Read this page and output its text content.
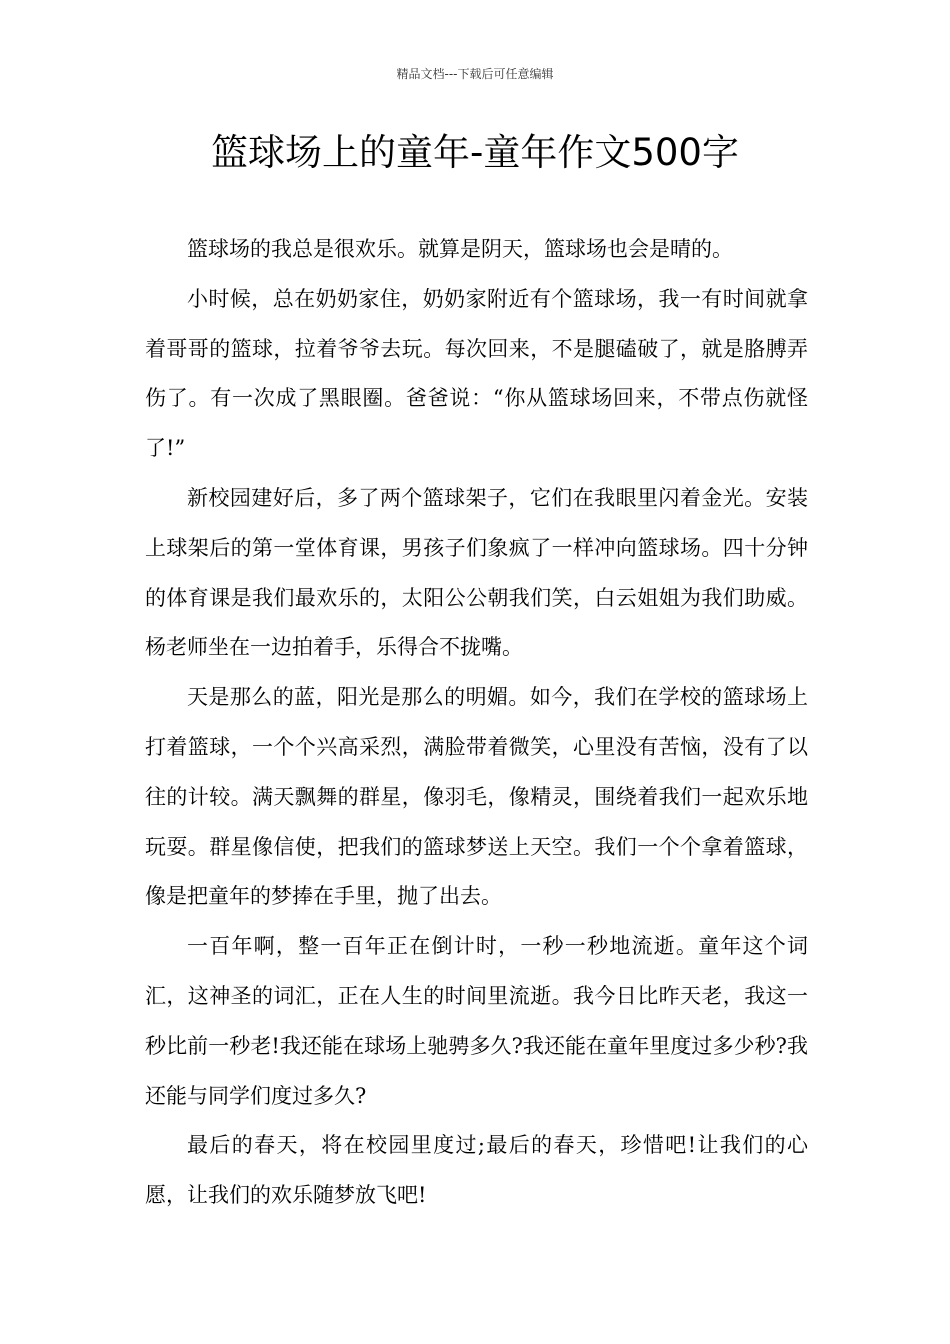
精品文档---下载后可任意编辑
篮球场上的童年-童年作文500字

篮球场的我总是很欢乐。就算是阴天，篮球场也会是晴的。

小时候，总在奶奶家住，奶奶家附近有个篮球场，我一有时间就拿着哥哥的篮球，拉着爷爷去玩。每次回来，不是腿磕破了，就是胳膊弄伤了。有一次成了黑眼圈。爸爸说：“你从篮球场回来，不带点伤就怪了!”

新校园建好后，多了两个篮球架子，它们在我眼里闪着金光。安装上球架后的第一堂体育课，男孩子们象疯了一样冲向篮球场。四十分钟的体育课是我们最欢乐的，太阳公公朝我们笑，白云姐姐为我们助威。杨老师坐在一边拍着手，乐得合不拢嘴。

天是那么的蓝，阳光是那么的明媚。如今，我们在学校的篮球场上打着篮球，一个个兴高采烈，满脸带着微笑，心里没有苦恼，没有了以往的计较。满天飘舞的群星，像羽毛，像精灵，围绕着我们一起欢乐地玩耍。群星像信使，把我们的篮球梦送上天空。我们一个个拿着篮球，像是把童年的梦捧在手里，抛了出去。

一百年啊，整一百年正在倒计时，一秒一秒地流逝。童年这个词汇，这神圣的词汇，正在人生的时间里流逝。我今日比昨天老，我这一秒比前一秒老!我还能在球场上驰骋多久?我还能在童年里度过多少秒?我还能与同学们度过多久?

最后的春天，将在校园里度过;最后的春天，珍惜吧!让我们的心愿，让我们的欢乐随梦放飞吧!
